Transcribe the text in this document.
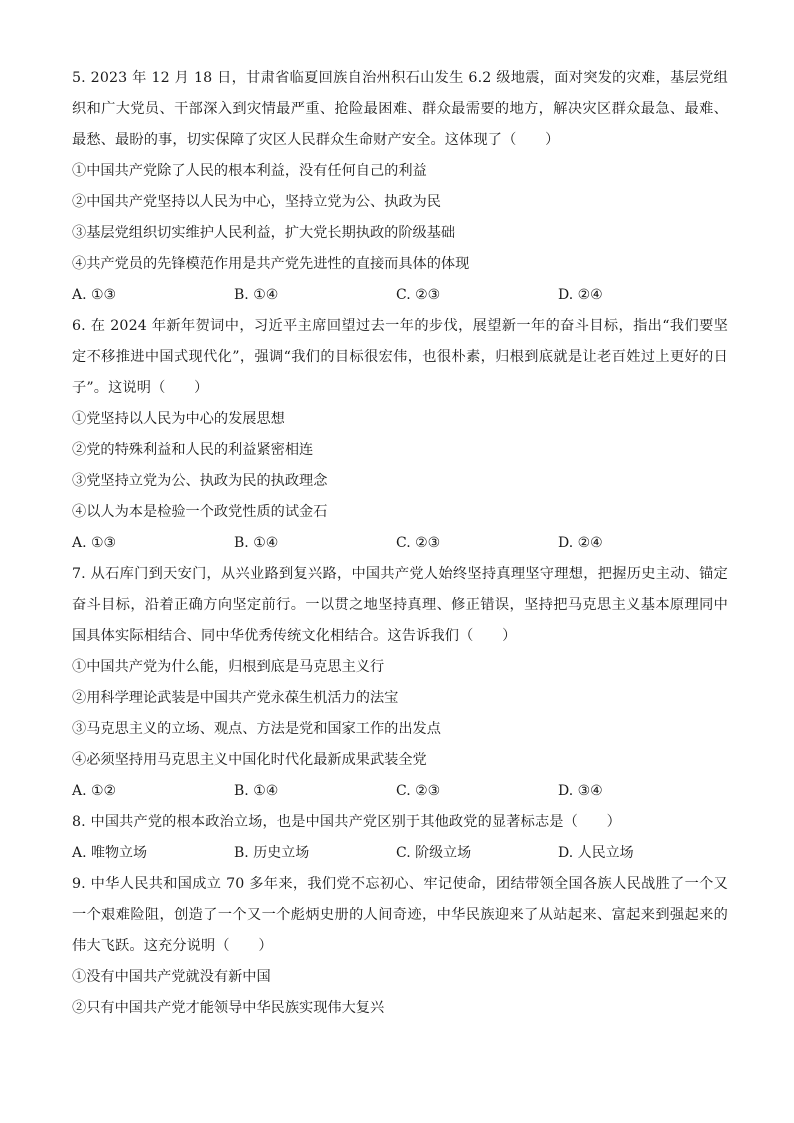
5. 2023 年 12 月 18 日，甘肃省临夏回族自治州积石山发生 6.2 级地震，面对突发的灾难，基层党组织和广大党员、干部深入到灾情最严重、抢险最困难、群众最需要的地方，解决灾区群众最急、最难、最愁、最盼的事，切实保障了灾区人民群众生命财产安全。这体现了（　　）

①中国共产党除了人民的根本利益，没有任何自己的利益

②中国共产党坚持以人民为中心，坚持立党为公、执政为民

③基层党组织切实维护人民利益，扩大党长期执政的阶级基础

④共产党员的先锋模范作用是共产党先进性的直接而具体的体现

A. ①③	B. ①④	C. ②③	D. ②④

6. 在 2024 年新年贺词中，习近平主席回望过去一年的步伐，展望新一年的奋斗目标，指出“我们要坚定不移推进中国式现代化”，强调“我们的目标很宏伟，也很朴素，归根到底就是让老百姓过上更好的日子”。这说明（　　）

①党坚持以人民为中心的发展思想

②党的特殊利益和人民的利益紧密相连

③党坚持立党为公、执政为民的执政理念

④以人为本是检验一个政党性质的试金石

A. ①③	B. ①④	C. ②③	D. ②④

7. 从石库门到天安门，从兴业路到复兴路，中国共产党人始终坚持真理坚守理想，把握历史主动、锚定奋斗目标，沿着正确方向坚定前行。一以贯之地坚持真理、修正错误，坚持把马克思主义基本原理同中国具体实际相结合、同中华优秀传统文化相结合。这告诉我们（　　）

①中国共产党为什么能，归根到底是马克思主义行

②用科学理论武装是中国共产党永葆生机活力的法宝

③马克思主义的立场、观点、方法是党和国家工作的出发点

④必须坚持用马克思主义中国化时代化最新成果武装全党

A. ①②	B. ①④	C. ②③	D. ③④

8. 中国共产党的根本政治立场，也是中国共产党区别于其他政党的显著标志是（　　）

A. 唯物立场	B. 历史立场	C. 阶级立场	D. 人民立场

9. 中华人民共和国成立 70 多年来，我们党不忘初心、牢记使命，团结带领全国各族人民战胜了一个又一个艰难险阻，创造了一个又一个彪炳史册的人间奇迹，中华民族迎来了从站起来、富起来到强起来的伟大飞跃。这充分说明（　　）

①没有中国共产党就没有新中国

②只有中国共产党才能领导中华民族实现伟大复兴
